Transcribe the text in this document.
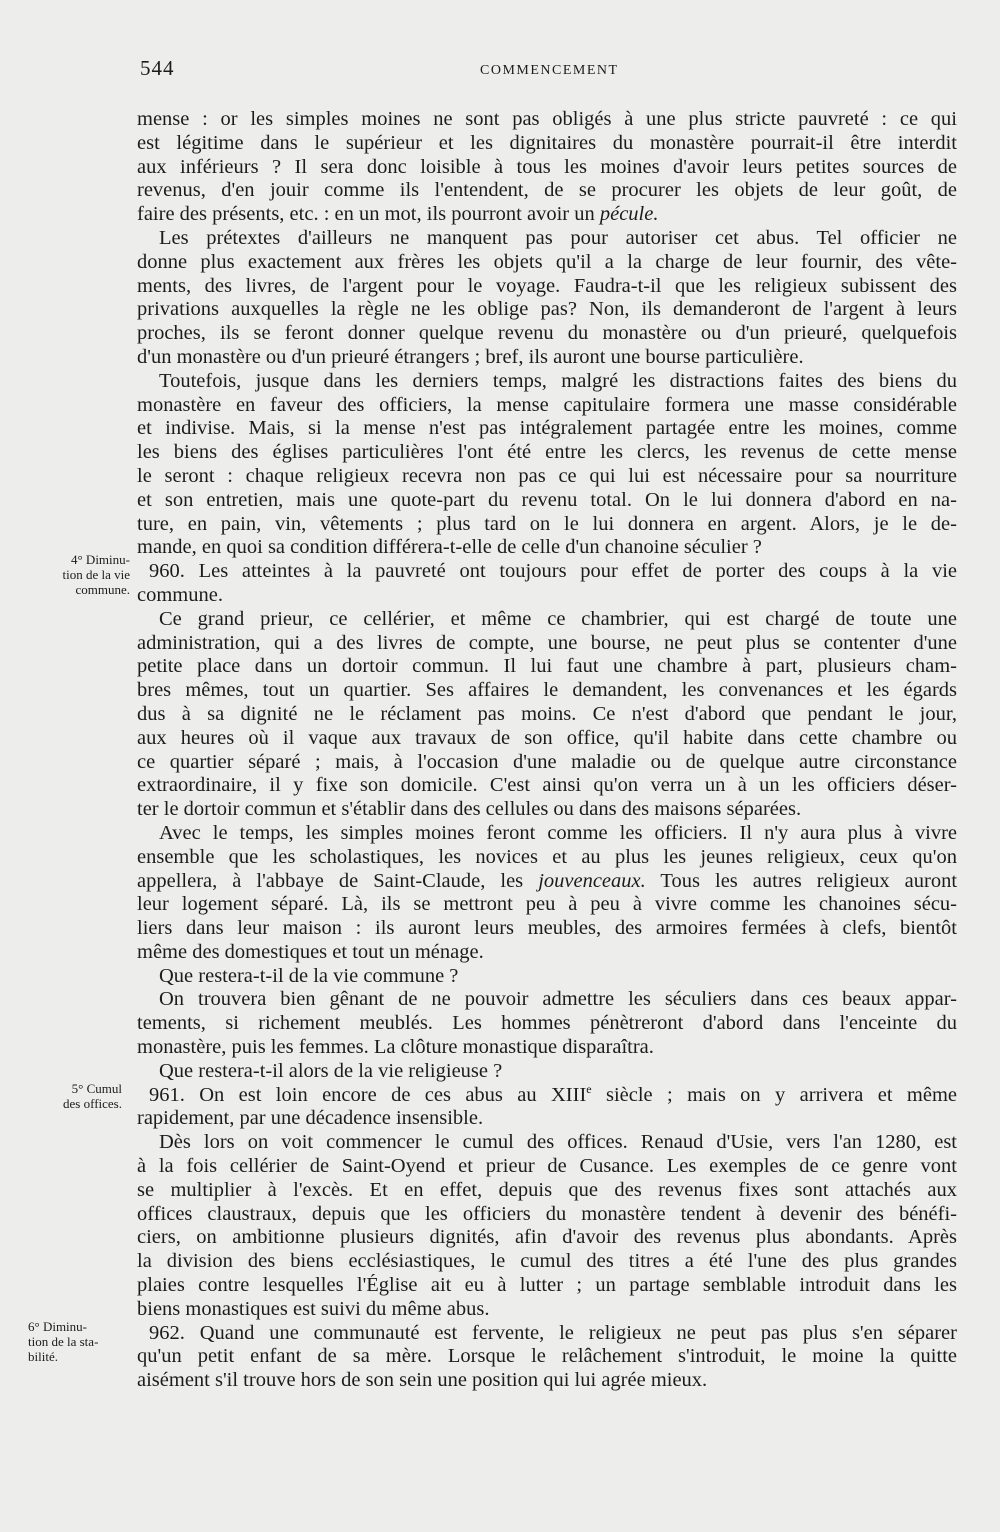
544	COMMENCEMENT
4° Diminu-
tion de la vie
commune.
5° Cumul
des offices.
6° Diminu-
tion de la sta-
bilité.
mense : or les simples moines ne sont pas obligés à une plus stricte pauvreté : ce qui
est légitime dans le supérieur et les dignitaires du monastère pourrait-il être interdit
aux inférieurs ? Il sera donc loisible à tous les moines d'avoir leurs petites sources de
revenus, d'en jouir comme ils l'entendent, de se procurer les objets de leur goût, de
faire des présents, etc. : en un mot, ils pourront avoir un pécule.
Les prétextes d'ailleurs ne manquent pas pour autoriser cet abus. Tel officier ne
donne plus exactement aux frères les objets qu'il a la charge de leur fournir, des vête-
ments, des livres, de l'argent pour le voyage. Faudra-t-il que les religieux subissent des
privations auxquelles la règle ne les oblige pas? Non, ils demanderont de l'argent à leurs
proches, ils se feront donner quelque revenu du monastère ou d'un prieuré, quelquefois
d'un monastère ou d'un prieuré étrangers ; bref, ils auront une bourse particulière.
Toutefois, jusque dans les derniers temps, malgré les distractions faites des biens du
monastère en faveur des officiers, la mense capitulaire formera une masse considérable
et indivise. Mais, si la mense n'est pas intégralement partagée entre les moines, comme
les biens des églises particulières l'ont été entre les clercs, les revenus de cette mense
le seront : chaque religieux recevra non pas ce qui lui est nécessaire pour sa nourriture
et son entretien, mais une quote-part du revenu total. On le lui donnera d'abord en na-
ture, en pain, vin, vêtements ; plus tard on le lui donnera en argent. Alors, je le de-
mande, en quoi sa condition différera-t-elle de celle d'un chanoine séculier ?
960. Les atteintes à la pauvreté ont toujours pour effet de porter des coups à la vie
commune.
Ce grand prieur, ce cellérier, et même ce chambrier, qui est chargé de toute une
administration, qui a des livres de compte, une bourse, ne peut plus se contenter d'une
petite place dans un dortoir commun. Il lui faut une chambre à part, plusieurs cham-
bres mêmes, tout un quartier. Ses affaires le demandent, les convenances et les égards
dus à sa dignité ne le réclament pas moins. Ce n'est d'abord que pendant le jour,
aux heures où il vaque aux travaux de son office, qu'il habite dans cette chambre ou
ce quartier séparé ; mais, à l'occasion d'une maladie ou de quelque autre circonstance
extraordinaire, il y fixe son domicile. C'est ainsi qu'on verra un à un les officiers déser-
ter le dortoir commun et s'établir dans des cellules ou dans des maisons séparées.
Avec le temps, les simples moines feront comme les officiers. Il n'y aura plus à vivre
ensemble que les scholastiques, les novices et au plus les jeunes religieux, ceux qu'on
appellera, à l'abbaye de Saint-Claude, les jouvenceaux. Tous les autres religieux auront
leur logement séparé. Là, ils se mettront peu à peu à vivre comme les chanoines sécu-
liers dans leur maison : ils auront leurs meubles, des armoires fermées à clefs, bientôt
même des domestiques et tout un ménage.
Que restera-t-il de la vie commune ?
On trouvera bien gênant de ne pouvoir admettre les séculiers dans ces beaux appar-
tements, si richement meublés. Les hommes pénètreront d'abord dans l'enceinte du
monastère, puis les femmes. La clôture monastique disparaîtra.
Que restera-t-il alors de la vie religieuse ?
961. On est loin encore de ces abus au XIIIe siècle ; mais on y arrivera et même
rapidement, par une décadence insensible.
Dès lors on voit commencer le cumul des offices. Renaud d'Usie, vers l'an 1280, est
à la fois cellérier de Saint-Oyend et prieur de Cusance. Les exemples de ce genre vont
se multiplier à l'excès. Et en effet, depuis que des revenus fixes sont attachés aux
offices claustraux, depuis que les officiers du monastère tendent à devenir des bénéfi-
ciers, on ambitionne plusieurs dignités, afin d'avoir des revenus plus abondants. Après
la division des biens ecclésiastiques, le cumul des titres a été l'une des plus grandes
plaies contre lesquelles l'Église ait eu à lutter ; un partage semblable introduit dans les
biens monastiques est suivi du même abus.
962. Quand une communauté est fervente, le religieux ne peut pas plus s'en séparer
qu'un petit enfant de sa mère. Lorsque le relâchement s'introduit, le moine la quitte
aisément s'il trouve hors de son sein une position qui lui agrée mieux.
